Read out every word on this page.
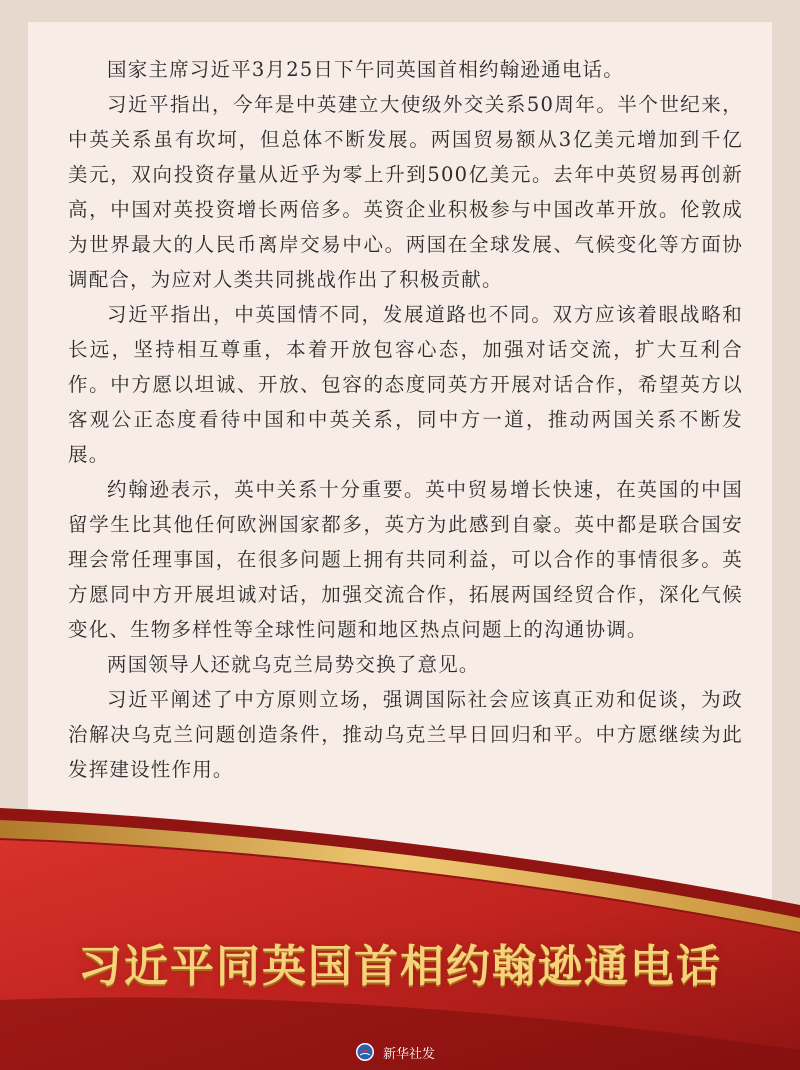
国家主席习近平3月25日下午同英国首相约翰逊通电话。

习近平指出，今年是中英建立大使级外交关系50周年。半个世纪来，中英关系虽有坎坷，但总体不断发展。两国贸易额从3亿美元增加到千亿美元，双向投资存量从近乎为零上升到500亿美元。去年中英贸易再创新高，中国对英投资增长两倍多。英资企业积极参与中国改革开放。伦敦成为世界最大的人民币离岸交易中心。两国在全球发展、气候变化等方面协调配合，为应对人类共同挑战作出了积极贡献。

习近平指出，中英国情不同，发展道路也不同。双方应该着眼战略和长远，坚持相互尊重，本着开放包容心态，加强对话交流，扩大互利合作。中方愿以坦诚、开放、包容的态度同英方开展对话合作，希望英方以客观公正态度看待中国和中英关系，同中方一道，推动两国关系不断发展。

约翰逊表示，英中关系十分重要。英中贸易增长快速，在英国的中国留学生比其他任何欧洲国家都多，英方为此感到自豪。英中都是联合国安理会常任理事国，在很多问题上拥有共同利益，可以合作的事情很多。英方愿同中方开展坦诚对话，加强交流合作，拓展两国经贸合作，深化气候变化、生物多样性等全球性问题和地区热点问题上的沟通协调。

两国领导人还就乌克兰局势交换了意见。

习近平阐述了中方原则立场，强调国际社会应该真正劝和促谈，为政治解决乌克兰问题创造条件，推动乌克兰早日回归和平。中方愿继续为此发挥建设性作用。

习近平同英国首相约翰逊通电话
新华社发
